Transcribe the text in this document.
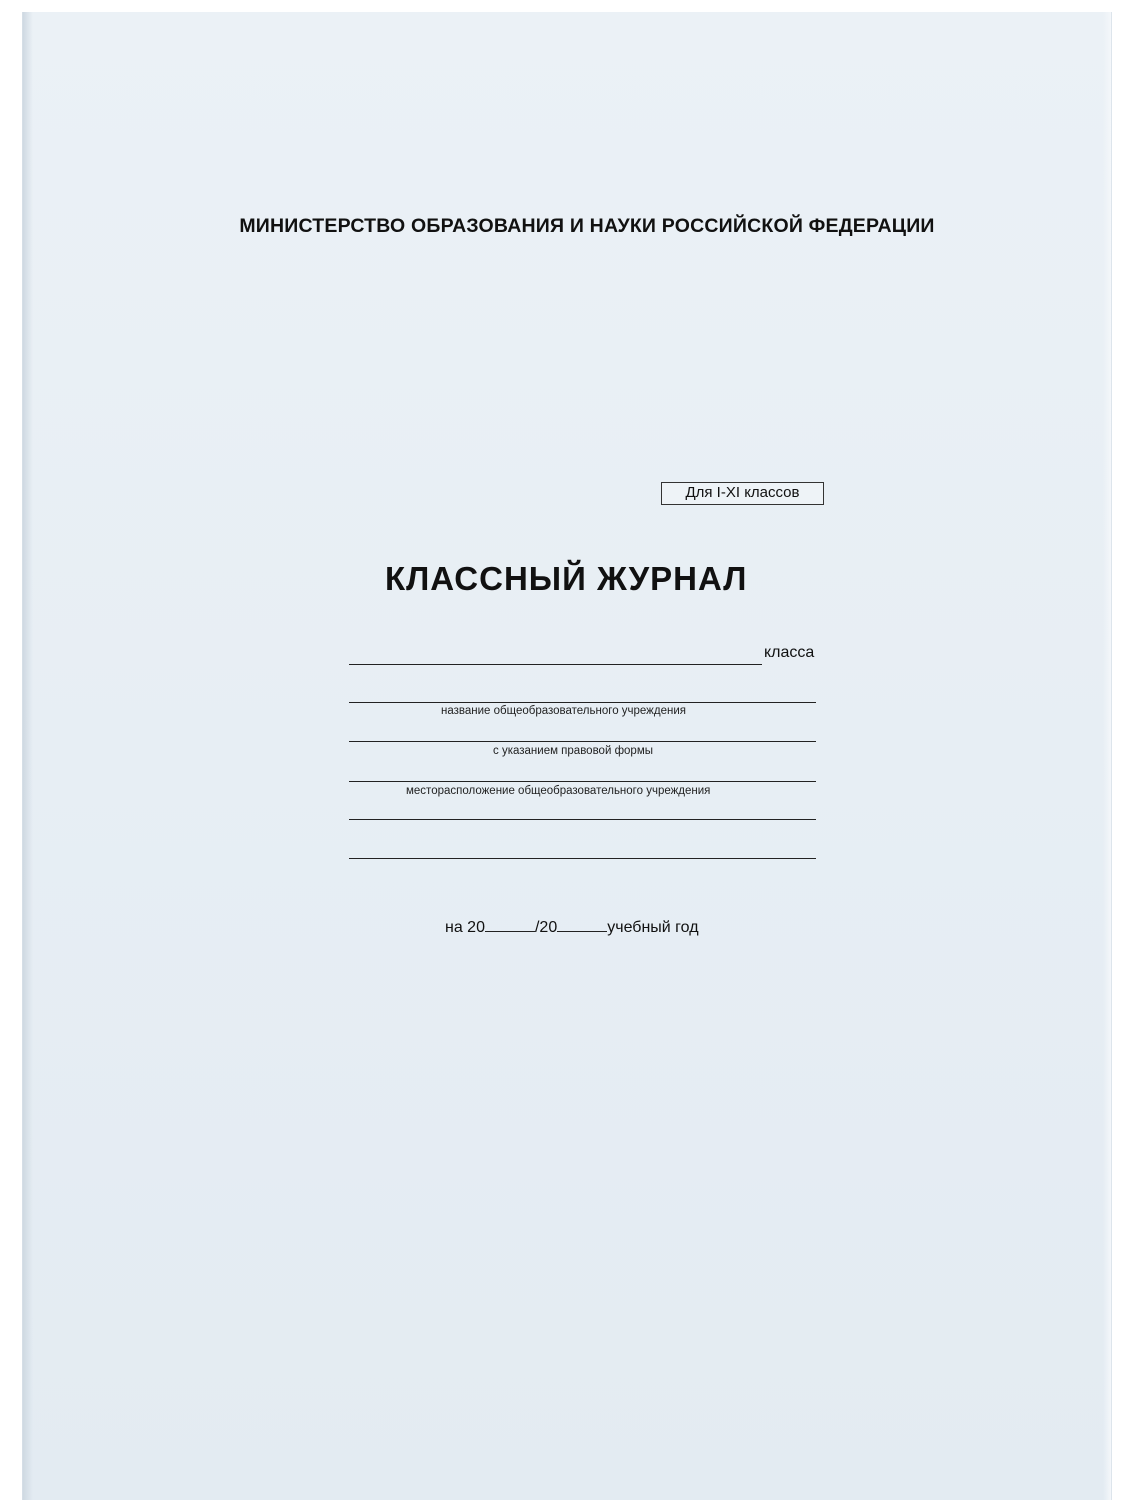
МИНИСТЕРСТВО ОБРАЗОВАНИЯ И НАУКИ РОССИЙСКОЙ ФЕДЕРАЦИИ
Для I-XI классов
КЛАССНЫЙ ЖУРНАЛ
класса
название общеобразовательного учреждения
с указанием правовой формы
месторасположение общеобразовательного учреждения
на 20	/20	учебный год
